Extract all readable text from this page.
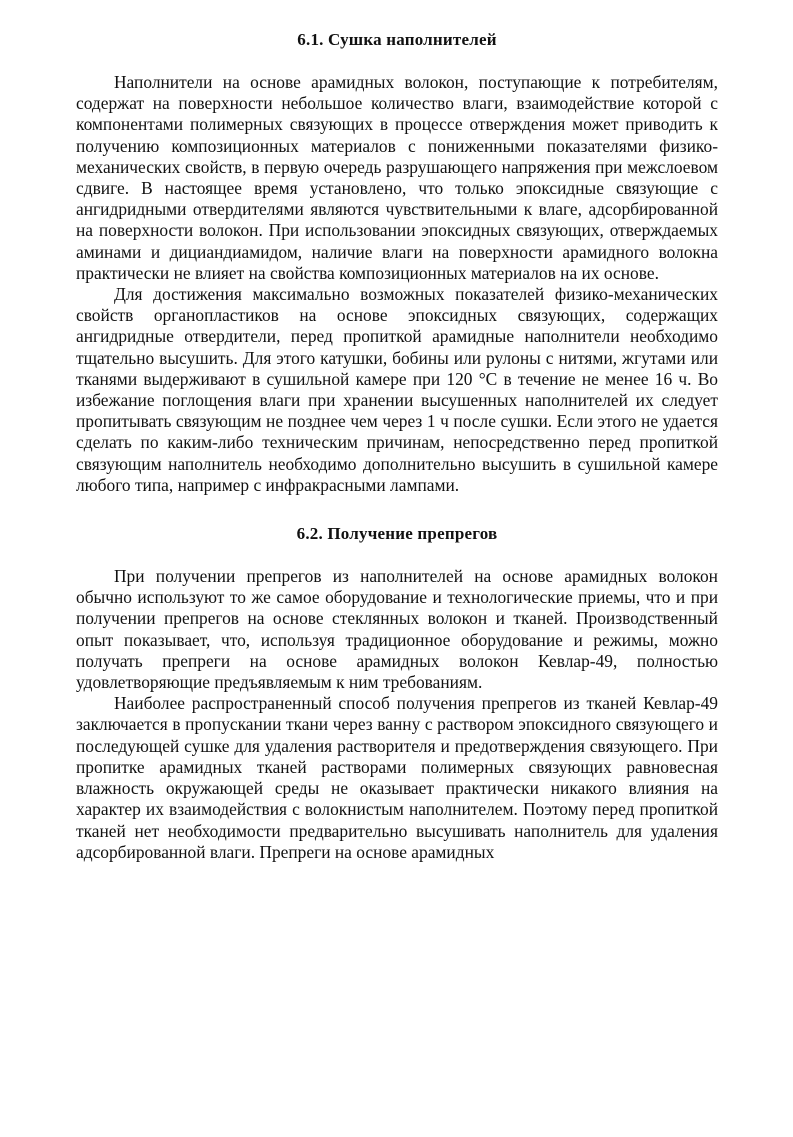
6.1. Сушка наполнителей

Наполнители на основе арамидных волокон, поступающие к потребителям, содержат на поверхности небольшое количество влаги, взаимодействие которой с компонентами полимерных связующих в процессе отверждения может приводить к получению композиционных материалов с пониженными показателями физико-механических свойств, в первую очередь разрушающего напряжения при межслоевом сдвиге. В настоящее время установлено, что только эпоксидные связующие с ангидридными отвердителями являются чувствительными к влаге, адсорбированной на поверхности волокон. При использовании эпоксидных связующих, отверждаемых аминами и дициандиамидом, наличие влаги на поверхности арамидного волокна практически не влияет на свойства композиционных материалов на их основе.

Для достижения максимально возможных показателей физико-механических свойств органопластиков на основе эпоксидных связующих, содержащих ангидридные отвердители, перед пропиткой арамидные наполнители необходимо тщательно высушить. Для этого катушки, бобины или рулоны с нитями, жгутами или тканями выдерживают в сушильной камере при 120 °С в течение не менее 16 ч. Во избежание поглощения влаги при хранении высушенных наполнителей их следует пропитывать связующим не позднее чем через 1 ч после сушки. Если этого не удается сделать по каким-либо техническим причинам, непосредственно перед пропиткой связующим наполнитель необходимо дополнительно высушить в сушильной камере любого типа, например с инфракрасными лампами.

6.2. Получение препрегов

При получении препрегов из наполнителей на основе арамидных волокон обычно используют то же самое оборудование и технологические приемы, что и при получении препрегов на основе стеклянных волокон и тканей. Производственный опыт показывает, что, используя традиционное оборудование и режимы, можно получать препреги на основе арамидных волокон Кевлар-49, полностью удовлетворяющие предъявляемым к ним требованиям.

Наиболее распространенный способ получения препрегов из тканей Кевлар-49 заключается в пропускании ткани через ванну с раствором эпоксидного связующего и последующей сушке для удаления растворителя и предотверждения связующего. При пропитке арамидных тканей растворами полимерных связующих равновесная влажность окружающей среды не оказывает практически никакого влияния на характер их взаимодействия с волокнистым наполнителем. Поэтому перед пропиткой тканей нет необходимости предварительно высушивать наполнитель для удаления адсорбированной влаги. Препреги на основе арамидных
